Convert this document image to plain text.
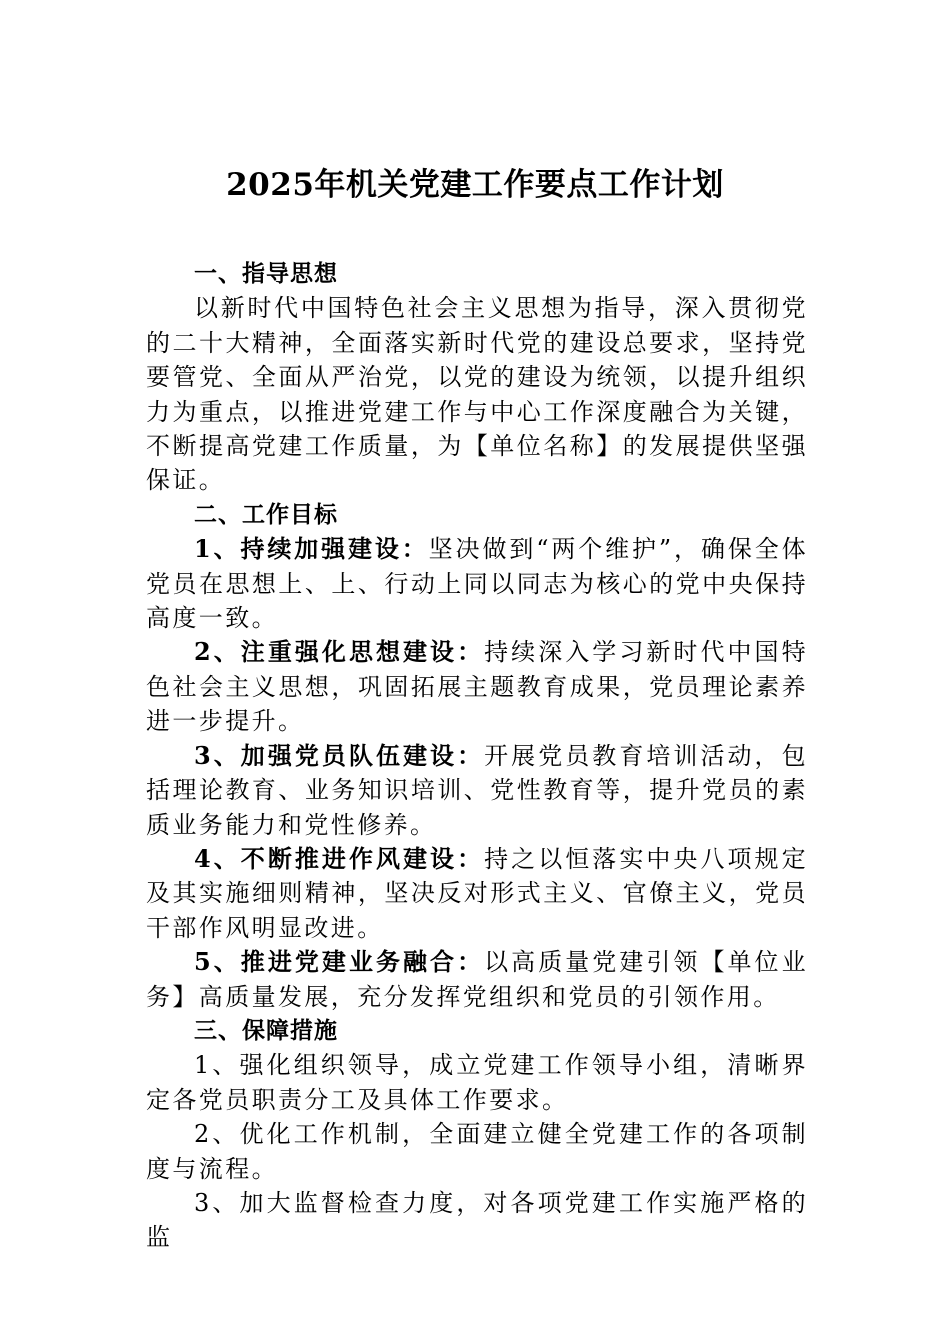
2025年机关党建工作要点工作计划
一、指导思想

以新时代中国特色社会主义思想为指导，深入贯彻党的二十大精神，全面落实新时代党的建设总要求，坚持党要管党、全面从严治党，以党的建设为统领，以提升组织力为重点，以推进党建工作与中心工作深度融合为关键，不断提高党建工作质量，为【单位名称】的发展提供坚强保证。

二、工作目标

1、持续加强建设：坚决做到“两个维护”，确保全体党员在思想上、上、行动上同以同志为核心的党中央保持高度一致。

2、注重强化思想建设：持续深入学习新时代中国特色社会主义思想，巩固拓展主题教育成果，党员理论素养进一步提升。

3、加强党员队伍建设：开展党员教育培训活动，包括理论教育、业务知识培训、党性教育等，提升党员的素质业务能力和党性修养。

4、不断推进作风建设：持之以恒落实中央八项规定及其实施细则精神，坚决反对形式主义、官僚主义，党员干部作风明显改进。

5、推进党建业务融合：以高质量党建引领【单位业务】高质量发展，充分发挥党组织和党员的引领作用。

三、保障措施

1、强化组织领导，成立党建工作领导小组，清晰界定各党员职责分工及具体工作要求。

2、优化工作机制，全面建立健全党建工作的各项制度与流程。

3、加大监督检查力度，对各项党建工作实施严格的监
